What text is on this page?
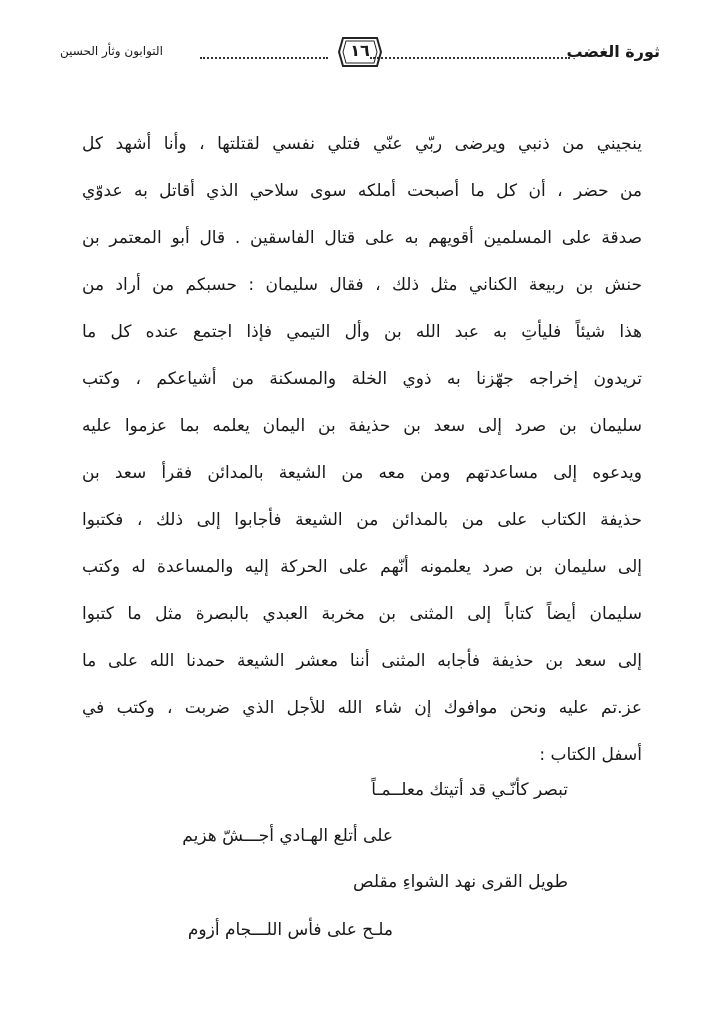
ثورة الغضب
١٦
التوابون وثأر الحسين
ينجيني من ذنبي ويرضى ربّي عنّي فتلي نفسي لقتلتها ، وأنا أشهد كل
من حضر ، أن كل ما أصبحت أملكه سوى سلاحي الذي أقاتل به عدوّي
صدقة على المسلمين أقويهم به على قتال الفاسقين . قال أبو المعتمر بن
حنش بن ربيعة الكناني مثل ذلك ، فقال سليمان : حسبكم من أراد من
هذا شيئاً فليأتِ به عبد الله بن وأل التيمي فإذا اجتمع عنده كل ما
تريدون إخراجه جهّزنا به ذوي الخلة والمسكنة من أشياعكم ، وكتب
سليمان بن صرد إلى سعد بن حذيفة بن اليمان يعلمه بما عزموا عليه
ويدعوه إلى مساعدتهم ومن معه من الشيعة بالمدائن فقرأ سعد بن
حذيفة الكتاب على من بالمدائن من الشيعة فأجابوا إلى ذلك ، فكتبوا
إلى سليمان بن صرد يعلمونه أنّهم على الحركة إليه والمساعدة له وكتب
سليمان أيضاً كتاباً إلى المثنى بن مخربة العبدي بالبصرة مثل ما كتبوا
إلى سعد بن حذيفة فأجابه المثنى أننا معشر الشيعة حمدنا الله على ما
عز.تم عليه ونحن موافوك إن شاء الله للأجل الذي ضربت ، وكتب في
أسفل الكتاب :
تبصر كأنّـي قد أتيتك معلــمـاً
على أتلع الهـادي أجـــشّ هزيم
طويل القرى نهد الشواءِ مقلص
ملـح على فأس اللـــجام أزوم
